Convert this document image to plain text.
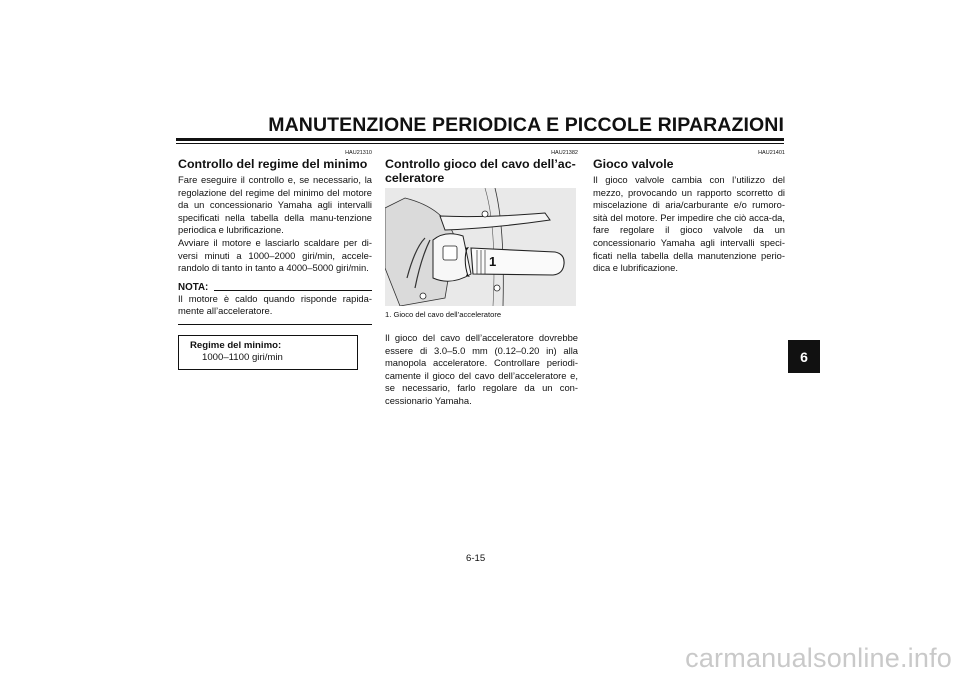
MANUTENZIONE PERIODICA E PICCOLE RIPARAZIONI

HAU21310

Controllo del regime del minimo

Fare eseguire il controllo e, se necessario, la regolazione del regime del minimo del motore da un concessionario Yamaha agli intervalli specificati nella tabella della manu-tenzione periodica e lubrificazione.
Avviare il motore e lasciarlo scaldare per di-versi minuti a 1000–2000 giri/min, accele-randolo di tanto in tanto a 4000–5000 giri/min.

NOTA:

Il motore è caldo quando risponde rapida-mente all’acceleratore.

Regime del minimo:
1000–1100 giri/min

HAU21382

Controllo gioco del cavo dell’ac-celeratore
1

1. Gioco del cavo dell’acceleratore

Il gioco del cavo dell’acceleratore dovrebbe essere di 3.0–5.0 mm (0.12–0.20 in) alla manopola acceleratore. Controllare periodi-camente il gioco del cavo dell’acceleratore e, se necessario, farlo regolare da un con-cessionario Yamaha.

HAU21401

Gioco valvole

Il gioco valvole cambia con l’utilizzo del mezzo, provocando un rapporto scorretto di miscelazione di aria/carburante e/o rumoro-sità del motore. Per impedire che ciò acca-da, fare regolare il gioco valvole da un concessionario Yamaha agli intervalli speci-ficati nella tabella della manutenzione perio-dica e lubrificazione.

6
6-15
carmanualsonline.info
